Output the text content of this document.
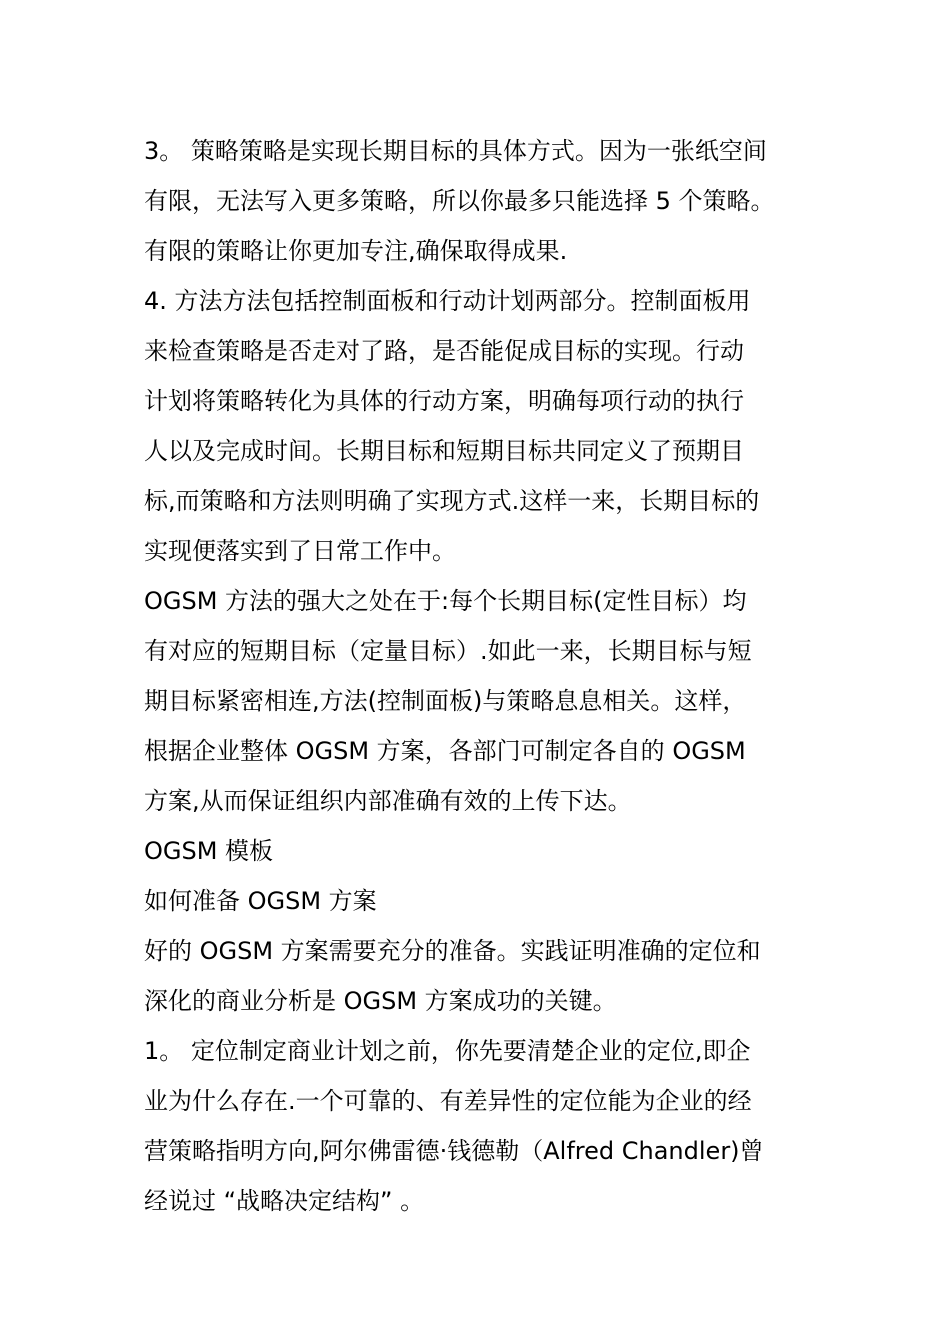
3。 策略策略是实现长期目标的具体方式。因为一张纸空间

有限，无法写入更多策略，所以你最多只能选择 5 个策略。

有限的策略让你更加专注,确保取得成果.

4. 方法方法包括控制面板和行动计划两部分。控制面板用

来检查策略是否走对了路，是否能促成目标的实现。行动

计划将策略转化为具体的行动方案，明确每项行动的执行

人以及完成时间。长期目标和短期目标共同定义了预期目

标,而策略和方法则明确了实现方式.这样一来，长期目标的

实现便落实到了日常工作中。

OGSM 方法的强大之处在于:每个长期目标(定性目标）均

有对应的短期目标（定量目标）.如此一来，长期目标与短

期目标紧密相连,方法(控制面板)与策略息息相关。这样，

根据企业整体 OGSM 方案，各部门可制定各自的 OGSM

方案,从而保证组织内部准确有效的上传下达。

OGSM 模板

如何准备 OGSM 方案

好的 OGSM 方案需要充分的准备。实践证明准确的定位和

深化的商业分析是 OGSM 方案成功的关键。

1。 定位制定商业计划之前，你先要清楚企业的定位,即企

业为什么存在.一个可靠的、有差异性的定位能为企业的经

营策略指明方向,阿尔佛雷德·钱德勒（Alfred Chandler)曾

经说过 “战略决定结构” 。
